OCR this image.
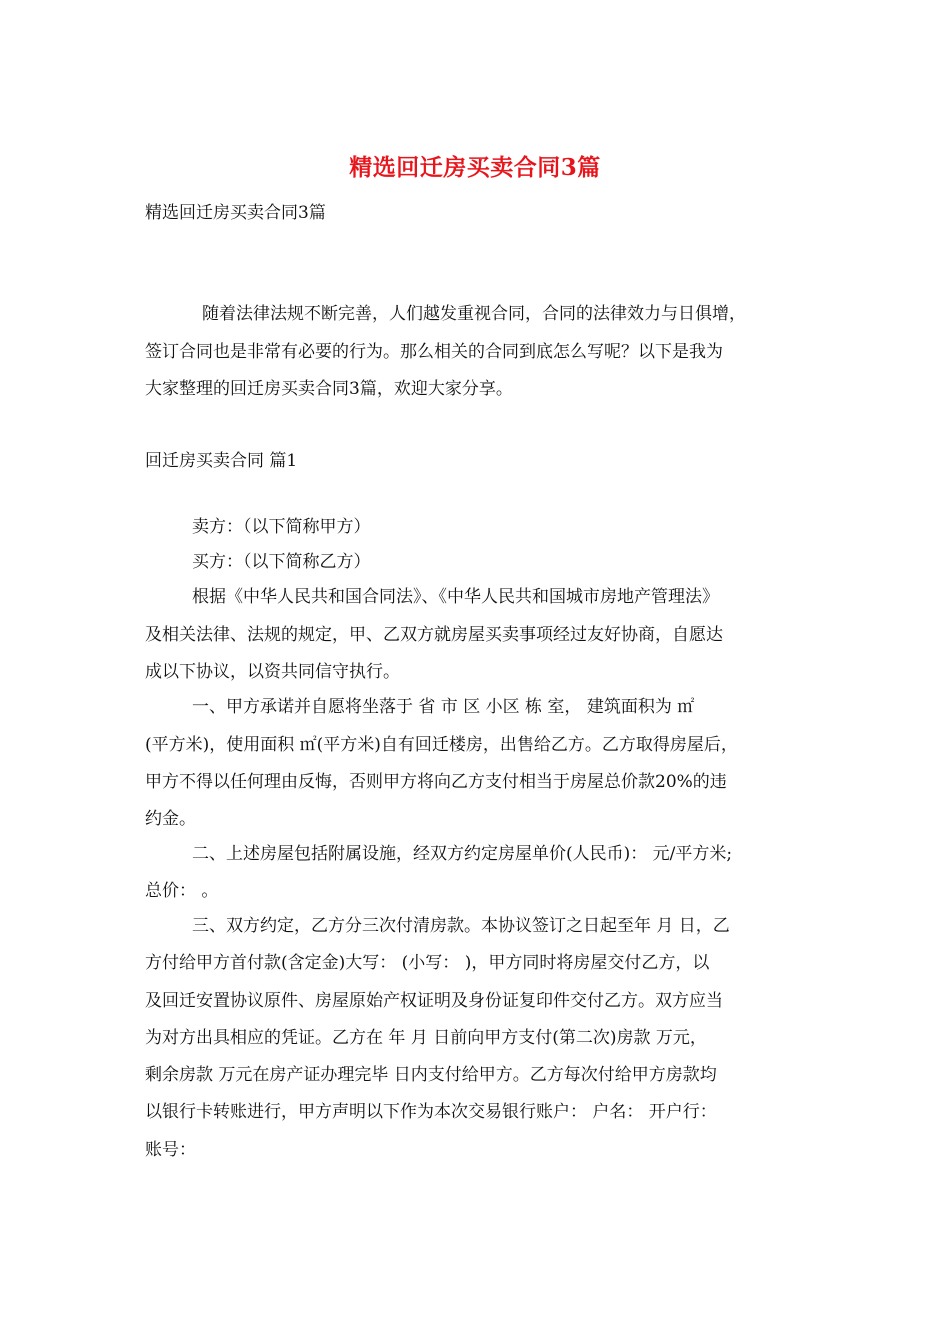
精选回迁房买卖合同3篇
精选回迁房买卖合同3篇
随着法律法规不断完善，人们越发重视合同，合同的法律效力与日俱增，
签订合同也是非常有必要的行为。那么相关的合同到底怎么写呢？以下是我为
大家整理的回迁房买卖合同3篇，欢迎大家分享。
回迁房买卖合同 篇1
卖方：（以下简称甲方）
买方：（以下简称乙方）
根据《中华人民共和国合同法》、《中华人民共和国城市房地产管理法》
及相关法律、法规的规定，甲、乙双方就房屋买卖事项经过友好协商，自愿达
成以下协议，以资共同信守执行。
一、甲方承诺并自愿将坐落于 省 市 区 小区 栋 室， 建筑面积为 ㎡
(平方米)，使用面积 ㎡(平方米)自有回迁楼房，出售给乙方。乙方取得房屋后，
甲方不得以任何理由反悔，否则甲方将向乙方支付相当于房屋总价款20%的违
约金。
二、上述房屋包括附属设施，经双方约定房屋单价(人民币)： 元/平方米;
总价： 。
三、双方约定，乙方分三次付清房款。本协议签订之日起至年 月 日，乙
方付给甲方首付款(含定金)大写： (小写： )，甲方同时将房屋交付乙方，以
及回迁安置协议原件、房屋原始产权证明及身份证复印件交付乙方。双方应当
为对方出具相应的凭证。乙方在 年 月 日前向甲方支付(第二次)房款 万元，
剩余房款 万元在房产证办理完毕 日内支付给甲方。乙方每次付给甲方房款均
以银行卡转账进行，甲方声明以下作为本次交易银行账户： 户名： 开户行：
账号：
